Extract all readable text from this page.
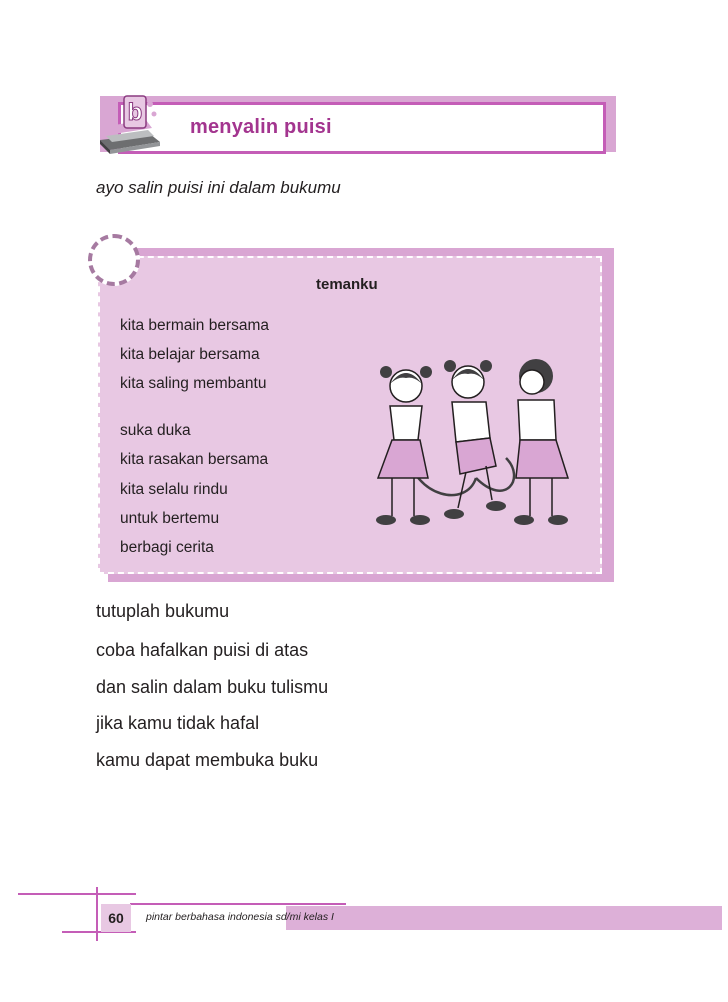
b
menyalin puisi
ayo salin puisi ini dalam bukumu
temanku
kita bermain bersama
kita belajar bersama
kita saling membantu
suka duka
kita rasakan bersama
kita selalu rindu
untuk bertemu
berbagi cerita
tutuplah bukumu
coba hafalkan puisi di atas
dan salin dalam buku tulismu
jika kamu tidak hafal
kamu dapat membuka buku
60	pintar berbahasa indonesia sd/mi kelas I
